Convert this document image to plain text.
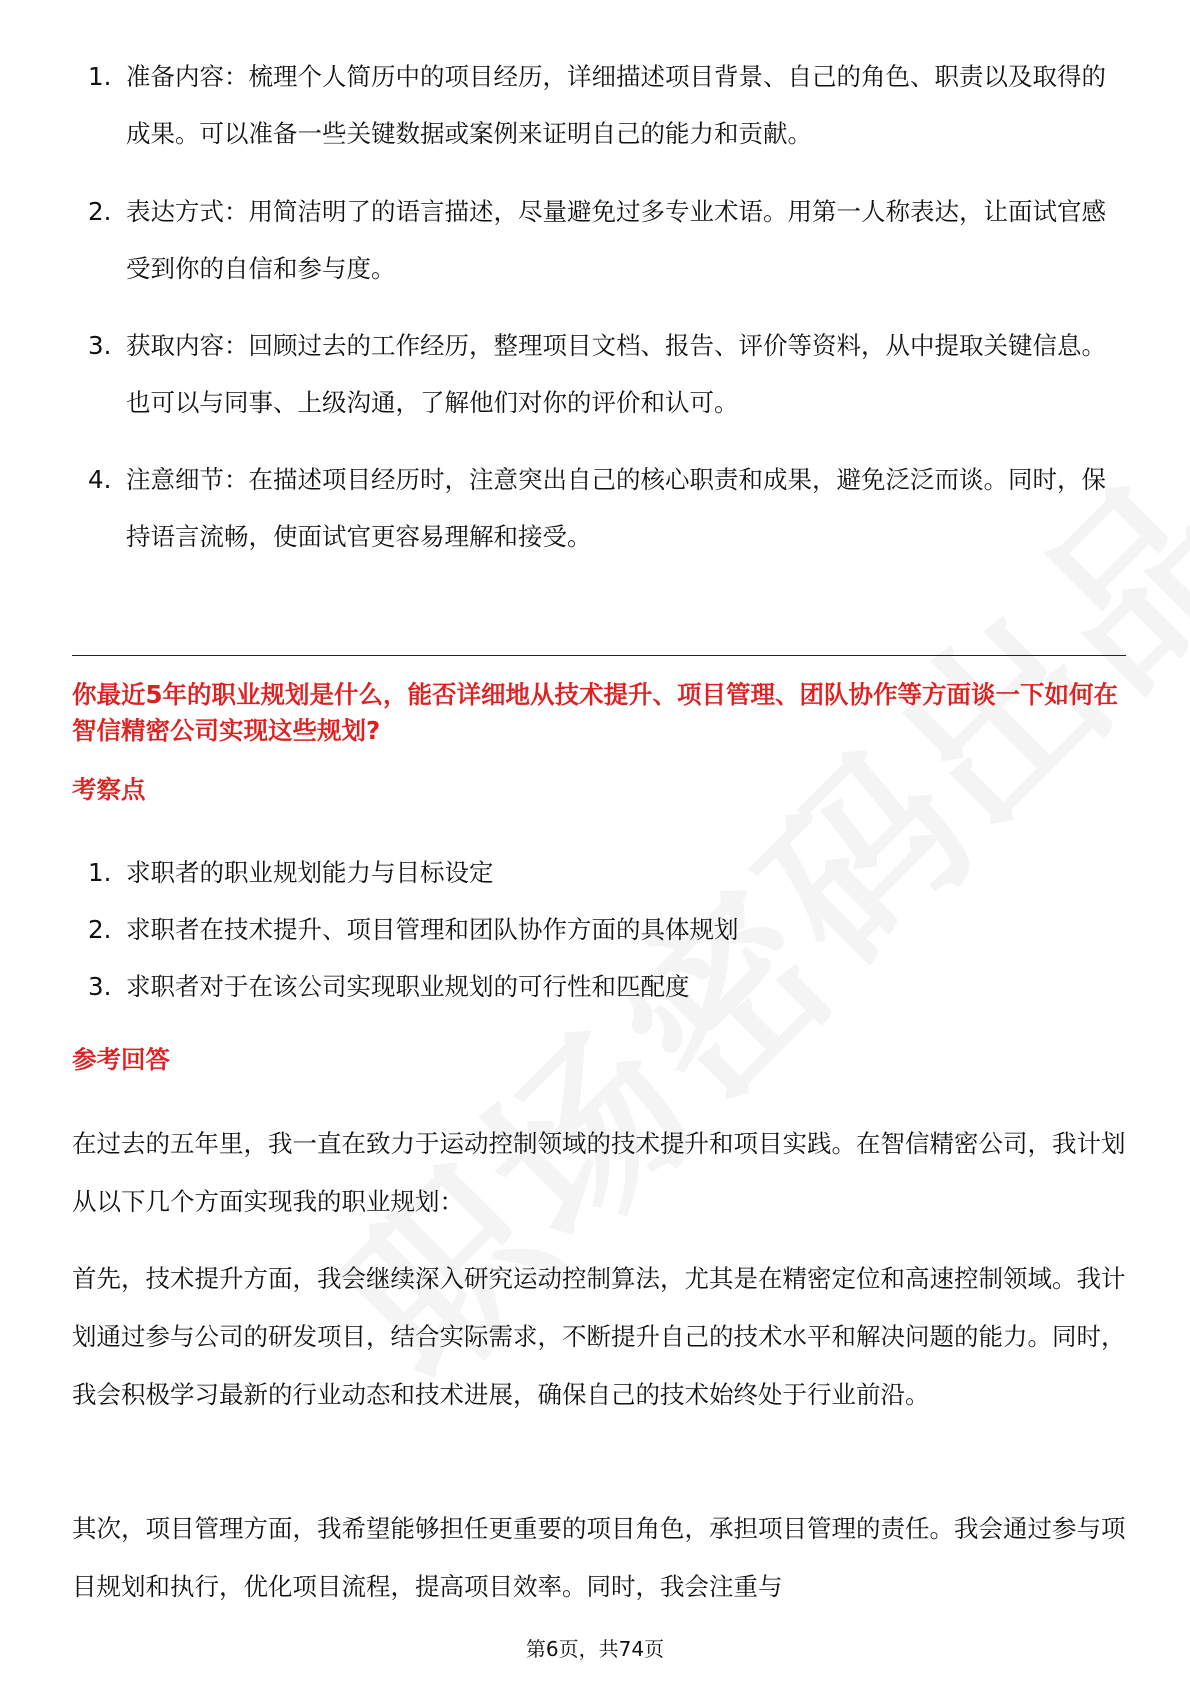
1. 准备内容：梳理个人简历中的项目经历，详细描述项目背景、自己的角色、职责以及取得的成果。可以准备一些关键数据或案例来证明自己的能力和贡献。
2. 表达方式：用简洁明了的语言描述，尽量避免过多专业术语。用第一人称表达，让面试官感受到你的自信和参与度。
3. 获取内容：回顾过去的工作经历，整理项目文档、报告、评价等资料，从中提取关键信息。也可以与同事、上级沟通，了解他们对你的评价和认可。
4. 注意细节：在描述项目经历时，注意突出自己的核心职责和成果，避免泛泛而谈。同时，保持语言流畅，使面试官更容易理解和接受。
你最近5年的职业规划是什么，能否详细地从技术提升、项目管理、团队协作等方面谈一下如何在智信精密公司实现这些规划?
考察点
1. 求职者的职业规划能力与目标设定
2. 求职者在技术提升、项目管理和团队协作方面的具体规划
3. 求职者对于在该公司实现职业规划的可行性和匹配度
参考回答
在过去的五年里，我一直在致力于运动控制领域的技术提升和项目实践。在智信精密公司，我计划从以下几个方面实现我的职业规划：
首先，技术提升方面，我会继续深入研究运动控制算法，尤其是在精密定位和高速控制领域。我计划通过参与公司的研发项目，结合实际需求，不断提升自己的技术水平和解决问题的能力。同时，我会积极学习最新的行业动态和技术进展，确保自己的技术始终处于行业前沿。
其次，项目管理方面，我希望能够担任更重要的项目角色，承担项目管理的责任。我会通过参与项目规划和执行，优化项目流程，提高项目效率。同时，我会注重与
第6页，共74页
